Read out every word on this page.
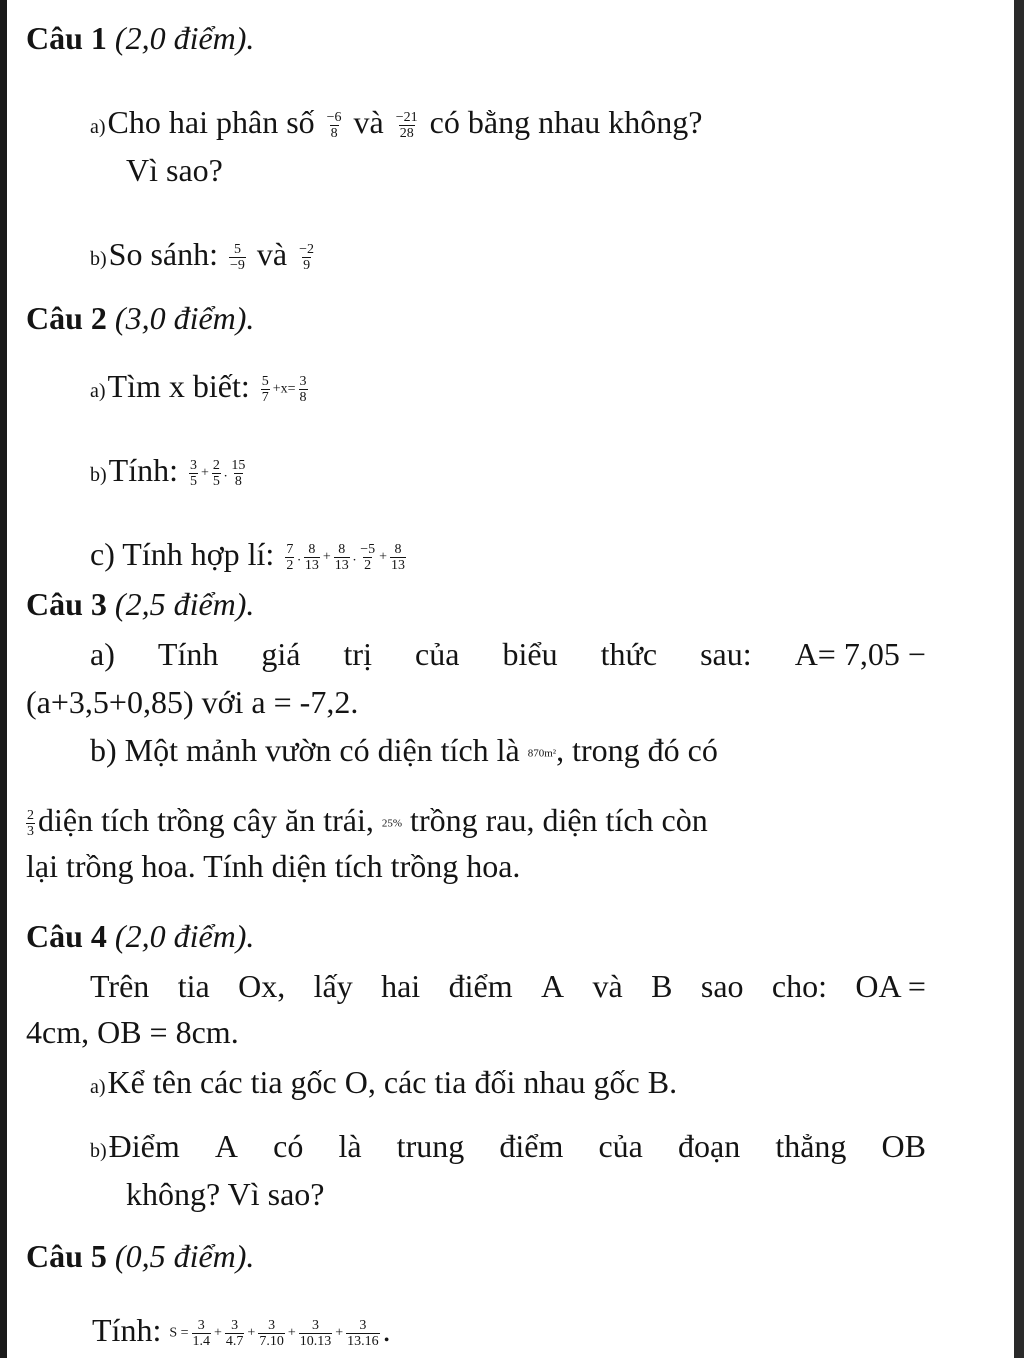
Câu 1 (2,0 điểm).
a)Cho hai phân số $\frac{-6}{8}$ và $\frac{-21}{28}$ có bằng nhau không?
Vì sao?
b)So sánh: $\frac{5}{-9}$ và $\frac{-2}{9}$
Câu 2 (3,0 điểm).
a)Tìm x biết: $\frac{5}{7} +x= \frac{3}{8}$
b)Tính: $\frac{3}{5} + \frac{2}{5}$ . $\frac{15}{8}$
c) Tính hợp lí: $\frac{7}{2}$ . $\frac{8}{13} + \frac{8}{13}$ . $\frac{-5}{2} + \frac{8}{13}$
Câu 3 (2,5 điểm).
a) Tính giá trị của biểu thức sau: A= 7,05 −
(a+3,5+0,85) với a = -7,2.
b) Một mảnh vườn có diện tích là 870m², trong đó có
$\frac{2}{3}$ diện tích trồng cây ăn trái, 25% trồng rau, diện tích còn
lại trồng hoa. Tính diện tích trồng hoa.
Câu 4 (2,0 điểm).
Trên tia Ox, lấy hai điểm A và B sao cho: OA =
4cm, OB = 8cm.
a)Kể tên các tia gốc O, các tia đối nhau gốc B.
b)Điểm A có là trung điểm của đoạn thẳng OB
không? Vì sao?
Câu 5 (0,5 điểm).
Tính: $S = \frac{3}{1.4} + \frac{3}{4.7} + \frac{3}{7.10} + \frac{3}{10.13} + \frac{3}{13.16}$ .
